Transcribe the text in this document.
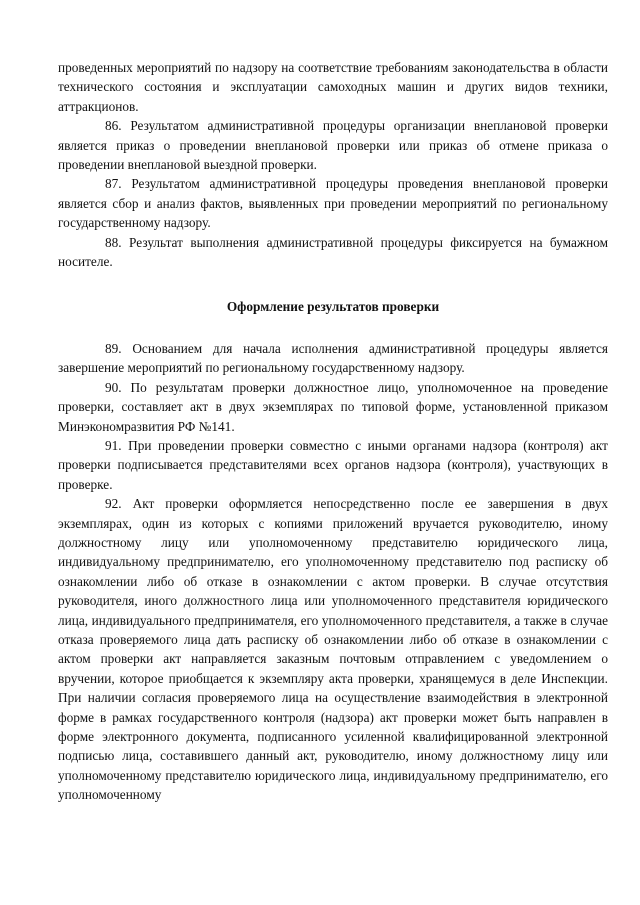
проведенных мероприятий по надзору на соответствие требованиям законодательства в области технического состояния и эксплуатации самоходных машин и других видов техники, аттракционов.

86. Результатом административной процедуры организации внеплановой проверки является приказ о проведении внеплановой проверки или приказ об отмене приказа о проведении внеплановой выездной проверки.

87. Результатом административной процедуры проведения внеплановой проверки является сбор и анализ фактов, выявленных при проведении мероприятий по региональному государственному надзору.

88. Результат выполнения административной процедуры фиксируется на бумажном носителе.

Оформление результатов проверки

89. Основанием для начала исполнения административной процедуры является завершение мероприятий по региональному государственному надзору.

90. По результатам проверки должностное лицо, уполномоченное на проведение проверки, составляет акт в двух экземплярах по типовой форме, установленной приказом Минэкономразвития РФ №141.

91. При проведении проверки совместно с иными органами надзора (контроля) акт проверки подписывается представителями всех органов надзора (контроля), участвующих в проверке.

92. Акт проверки оформляется непосредственно после ее завершения в двух экземплярах, один из которых с копиями приложений вручается руководителю, иному должностному лицу или уполномоченному представителю юридического лица, индивидуальному предпринимателю, его уполномоченному представителю под расписку об ознакомлении либо об отказе в ознакомлении с актом проверки. В случае отсутствия руководителя, иного должностного лица или уполномоченного представителя юридического лица, индивидуального предпринимателя, его уполномоченного представителя, а также в случае отказа проверяемого лица дать расписку об ознакомлении либо об отказе в ознакомлении с актом проверки акт направляется заказным почтовым отправлением с уведомлением о вручении, которое приобщается к экземпляру акта проверки, хранящемуся в деле Инспекции. При наличии согласия проверяемого лица на осуществление взаимодействия в электронной форме в рамках государственного контроля (надзора) акт проверки может быть направлен в форме электронного документа, подписанного усиленной квалифицированной электронной подписью лица, составившего данный акт, руководителю, иному должностному лицу или уполномоченному представителю юридического лица, индивидуальному предпринимателю, его уполномоченному
